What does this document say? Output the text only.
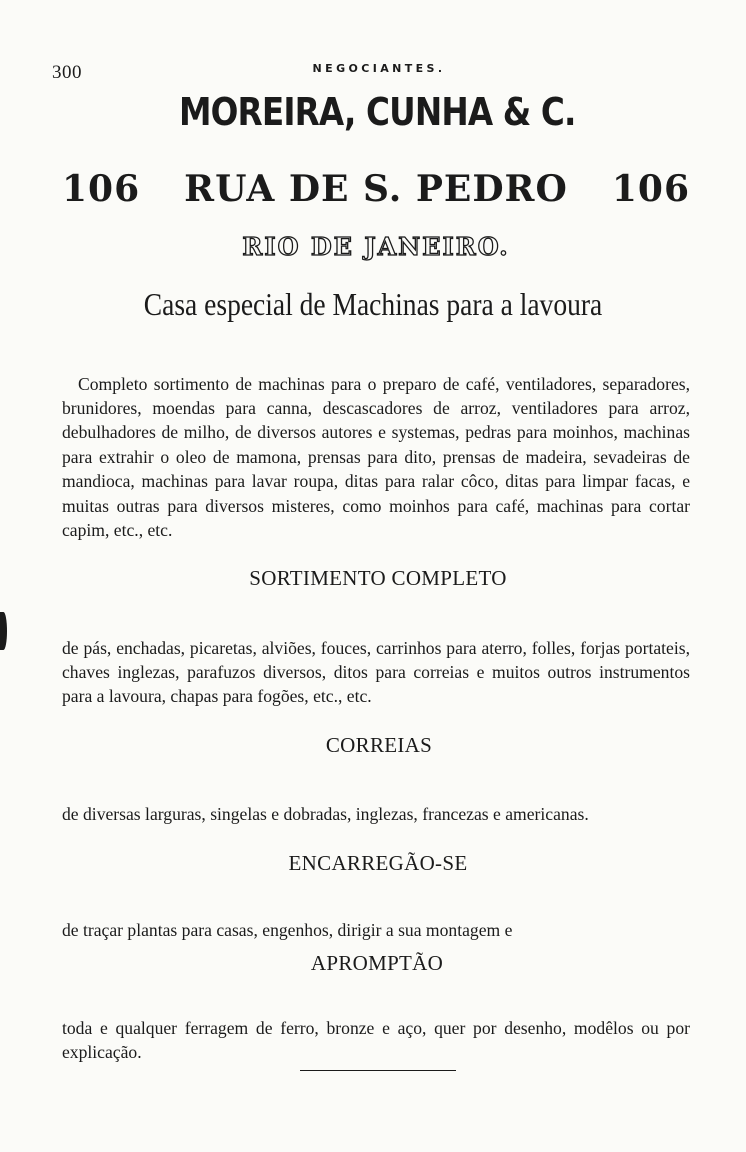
300	NEGOCIANTES.
MOREIRA, CUNHA & C.
106 RUA DE S. PEDRO 106
RIO DE JANEIRO.
Casa especial de Machinas para a lavoura

Completo sortimento de machinas para o preparo de café, ventiladores, separadores, brunidores, moendas para canna, descascadores de arroz, ventiladores para arroz, debulhadores de milho, de diversos autores e systemas, pedras para moinhos, machinas para extrahir o oleo de mamona, prensas para dito, prensas de madeira, sevadeiras de mandioca, machinas para lavar roupa, ditas para ralar côco, ditas para limpar facas, e muitas outras para diversos misteres, como moinhos para café, machinas para cortar capim, etc., etc.

SORTIMENTO COMPLETO

de pás, enchadas, picaretas, alviões, fouces, carrinhos para aterro, folles, forjas portateis, chaves inglezas, parafuzos diversos, ditos para correias e muitos outros instrumentos para a lavoura, chapas para fogões, etc., etc.

CORREIAS

de diversas larguras, singelas e dobradas, inglezas, francezas e americanas.

ENCARREGÃO-SE

de traçar plantas para casas, engenhos, dirigir a sua montagem e

APROMPTÃO

toda e qualquer ferragem de ferro, bronze e aço, quer por desenho, modêlos ou por explicação.
